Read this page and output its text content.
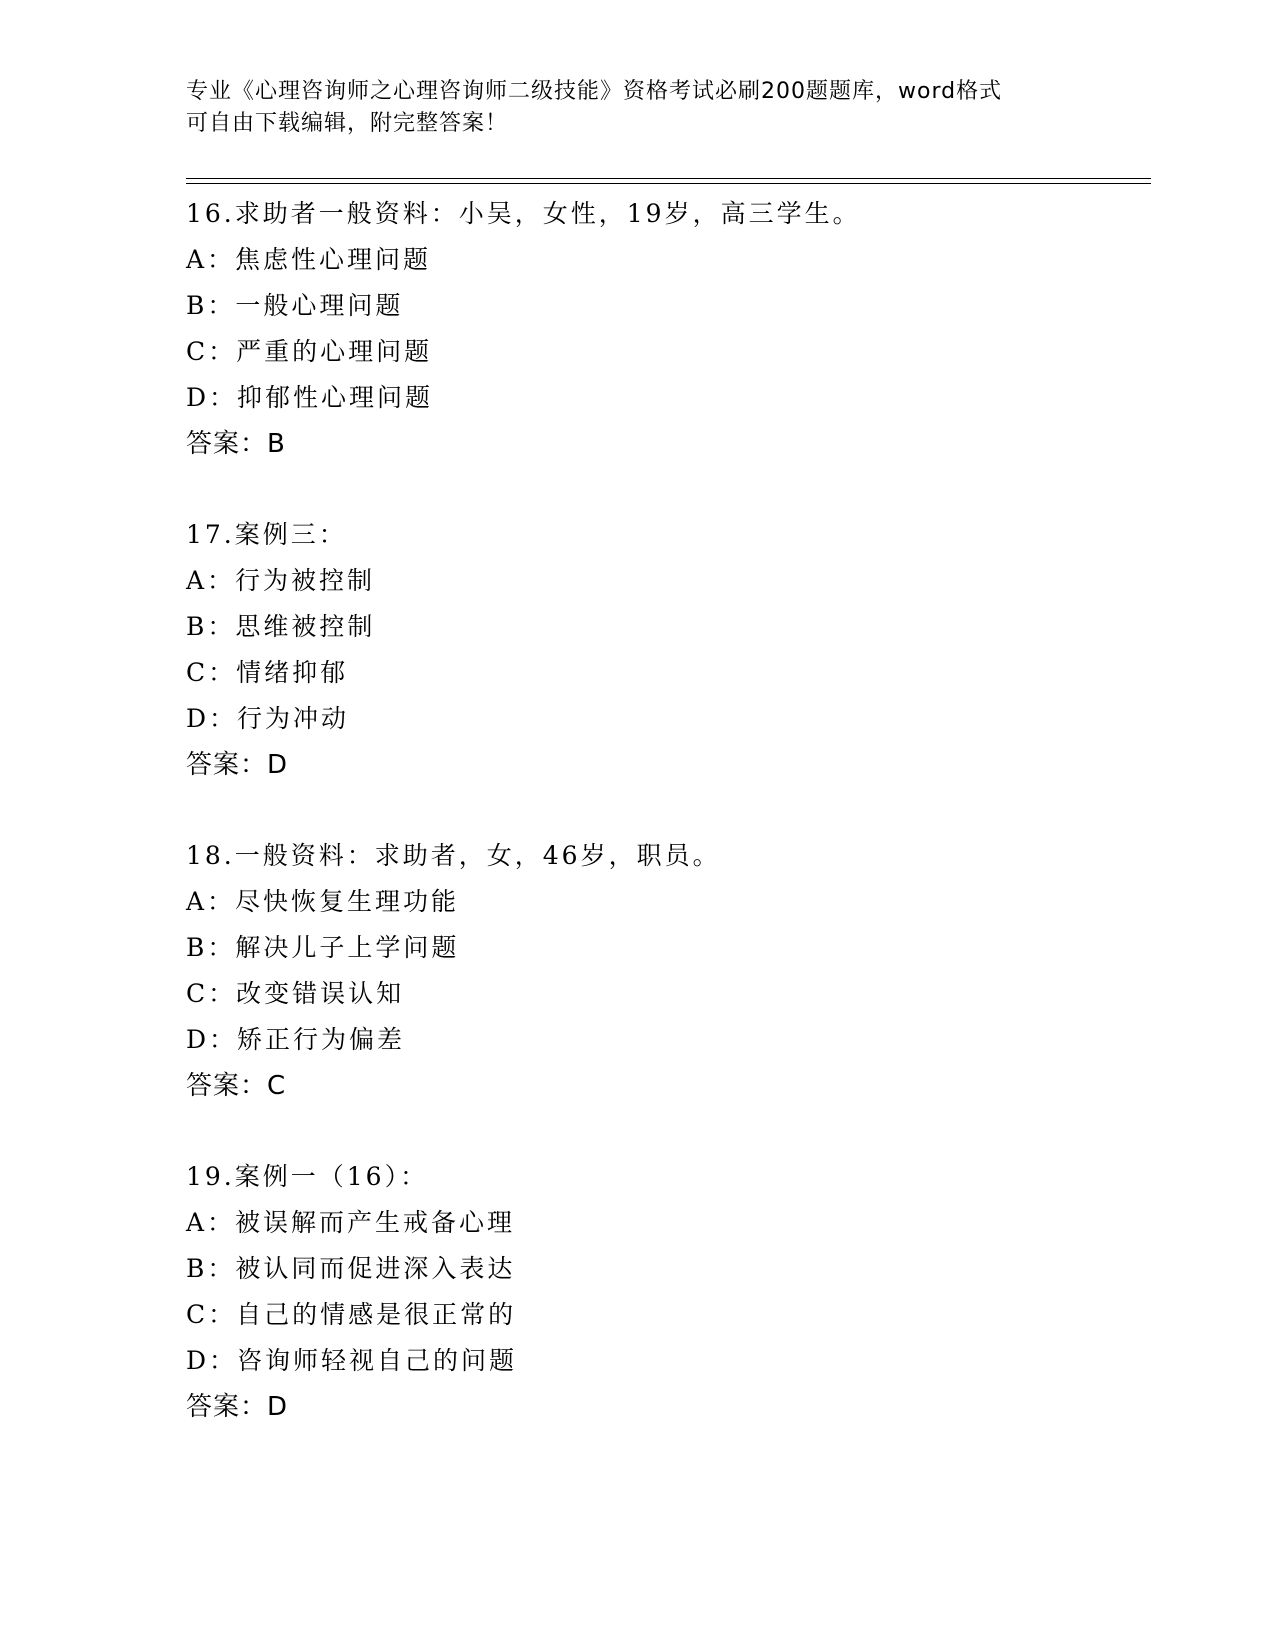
专业《心理咨询师之心理咨询师二级技能》资格考试必刷200题题库，word格式
可自由下载编辑，附完整答案！
16.求助者一般资料：小吴，女性，19岁，高三学生。
A：焦虑性心理问题
B：一般心理问题
C：严重的心理问题
D：抑郁性心理问题
答案：B
17.案例三：
A：行为被控制
B：思维被控制
C：情绪抑郁
D：行为冲动
答案：D
18.一般资料：求助者，女，46岁，职员。
A：尽快恢复生理功能
B：解决儿子上学问题
C：改变错误认知
D：矫正行为偏差
答案：C
19.案例一（16）：
A：被误解而产生戒备心理
B：被认同而促进深入表达
C：自己的情感是很正常的
D：咨询师轻视自己的问题
答案：D
